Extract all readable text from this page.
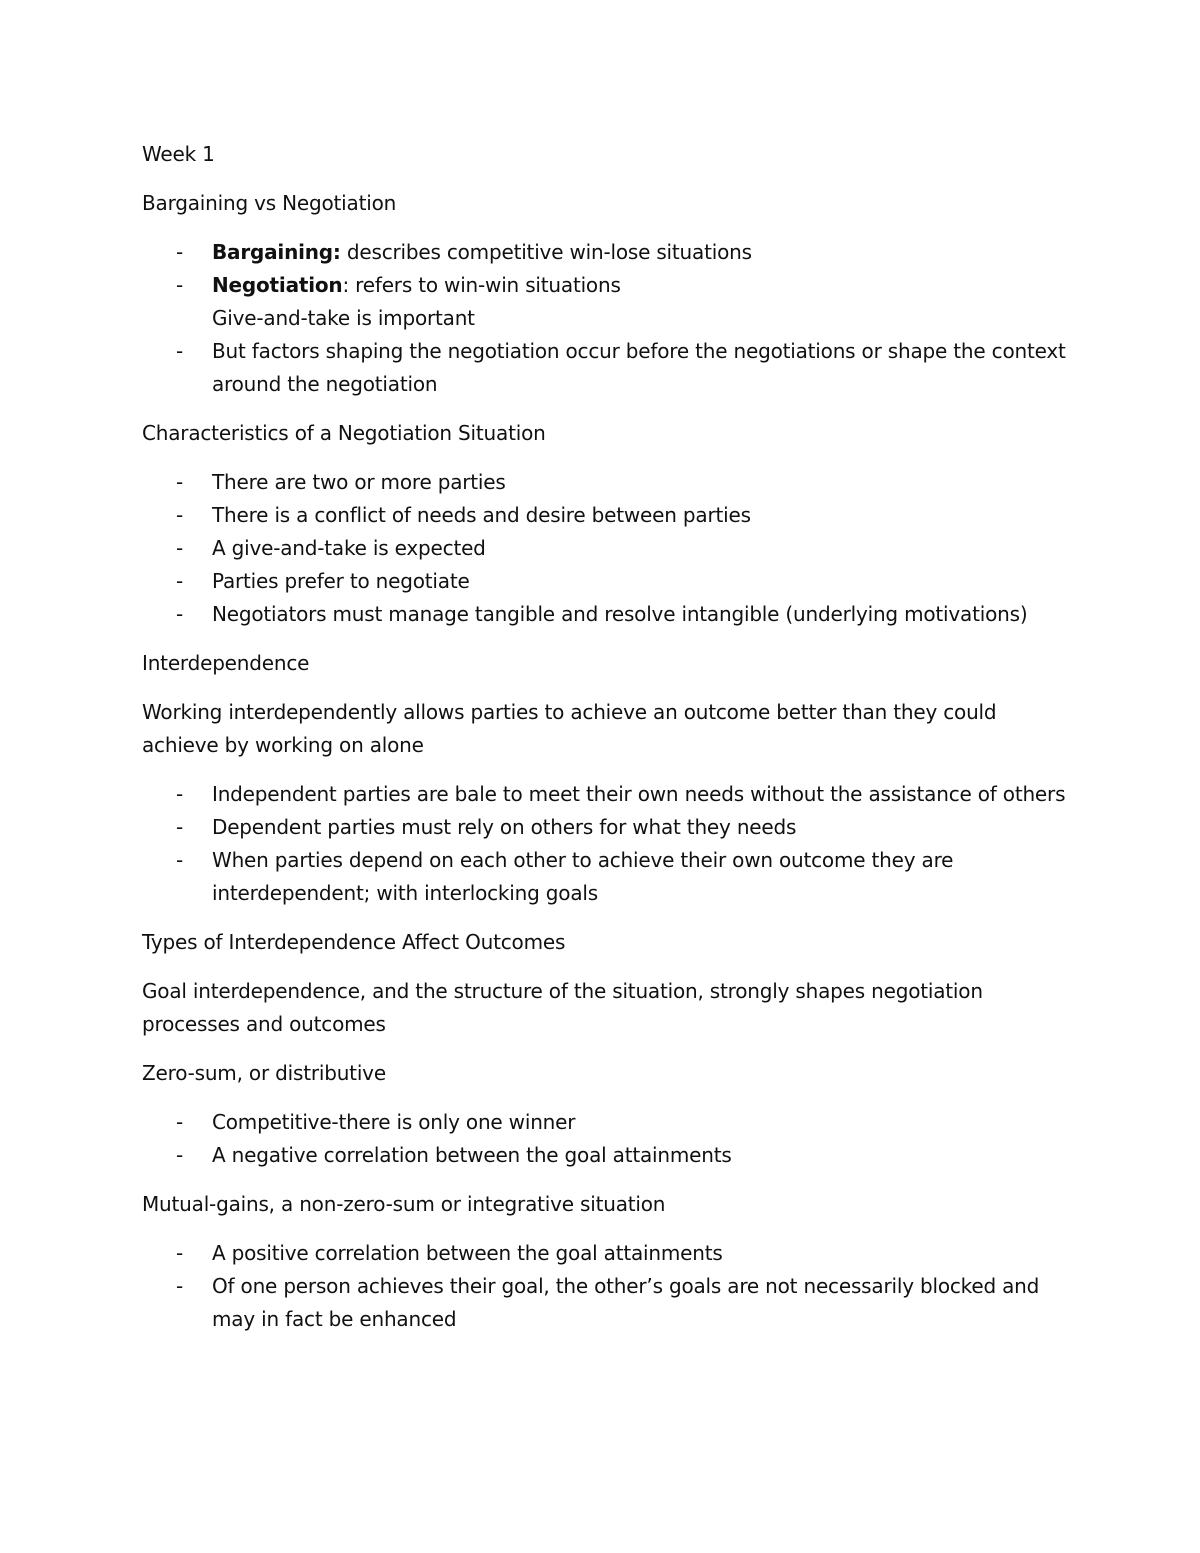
Week 1

Bargaining vs Negotiation

-	Bargaining: describes competitive win-lose situations
-	Negotiation: refers to win-win situations
Give-and-take is important
-	But factors shaping the negotiation occur before the negotiations or shape the context around the negotiation

Characteristics of a Negotiation Situation

-	There are two or more parties
-	There is a conflict of needs and desire between parties
-	A give-and-take is expected
-	Parties prefer to negotiate
-	Negotiators must manage tangible and resolve intangible (underlying motivations)

Interdependence

Working interdependently allows parties to achieve an outcome better than they could achieve by working on alone

-	Independent parties are bale to meet their own needs without the assistance of others
-	Dependent parties must rely on others for what they needs
-	When parties depend on each other to achieve their own outcome they are interdependent; with interlocking goals

Types of Interdependence Affect Outcomes

Goal interdependence, and the structure of the situation, strongly shapes negotiation processes and outcomes

Zero-sum, or distributive

-	Competitive-there is only one winner
-	A negative correlation between the goal attainments

Mutual-gains, a non-zero-sum or integrative situation

-	A positive correlation between the goal attainments
-	Of one person achieves their goal, the other’s goals are not necessarily blocked and may in fact be enhanced
